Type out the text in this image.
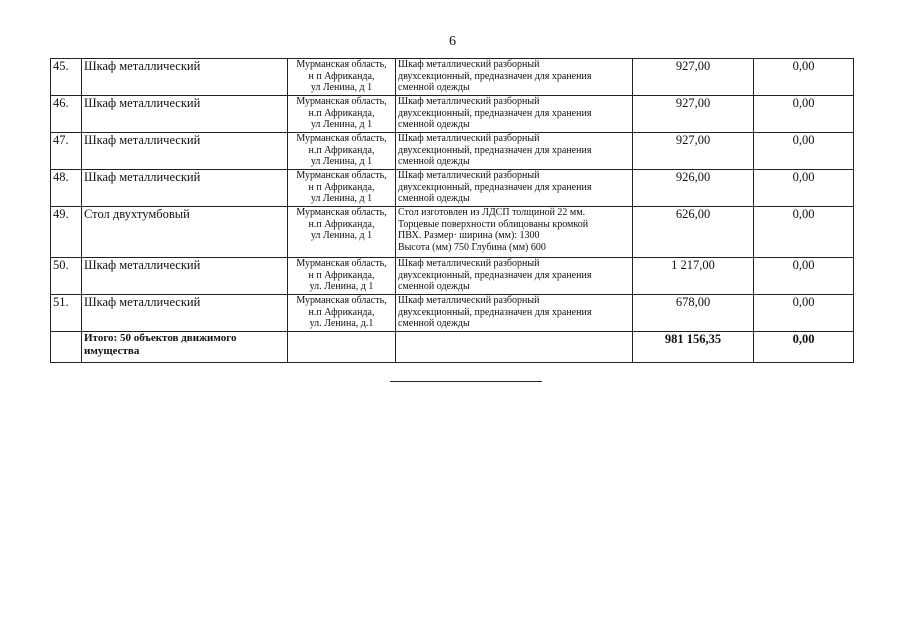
6
45.	Шкаф металлический	Мурманская область,
н п Африканда,
ул Ленина, д 1	Шкаф металлический разборный
двухсекционный, предназначен для хранения
сменной одежды	927,00	0,00
46.	Шкаф металлический	Мурманская область,
н.п Африканда,
ул Ленина, д 1	Шкаф металлический разборный
двухсекционный, предназначен для хранения
сменной одежды	927,00	0,00
47.	Шкаф металлический	Мурманская область,
н.п Африканда,
ул Ленина, д 1	Шкаф металлический разборный
двухсекционный, предназначен для хранения
сменной одежды	927,00	0,00
48.	Шкаф металлический	Мурманская область,
н п Африканда,
ул Ленина, д 1	Шкаф металлический разборный
двухсекционный, предназначен для хранения
сменной одежды	926,00	0,00
49.	Стол двухтумбовый	Мурманская область,
н.п Африканда,
ул Ленина, д 1	Стол изготовлен из ЛДСП толщиной 22 мм.
Торцевые поверхности облицованы кромкой
ПВХ. Размер· ширина (мм): 1300
Высота (мм) 750 Глубина (мм) 600	626,00	0,00
50.	Шкаф металлический	Мурманская область,
н п Африканда,
ул. Ленина, д 1	Шкаф металлический разборный
двухсекционный, предназначен для хранения
сменной одежды	1 217,00	0,00
51.	Шкаф металлический	Мурманская область,
н.п Африканда,
ул. Ленина, д.1	Шкаф металлический разборный
двухсекционный, предназначен для хранения
сменной одежды	678,00	0,00
	Итого: 50 объектов движимого имущества			981 156,35	0,00
